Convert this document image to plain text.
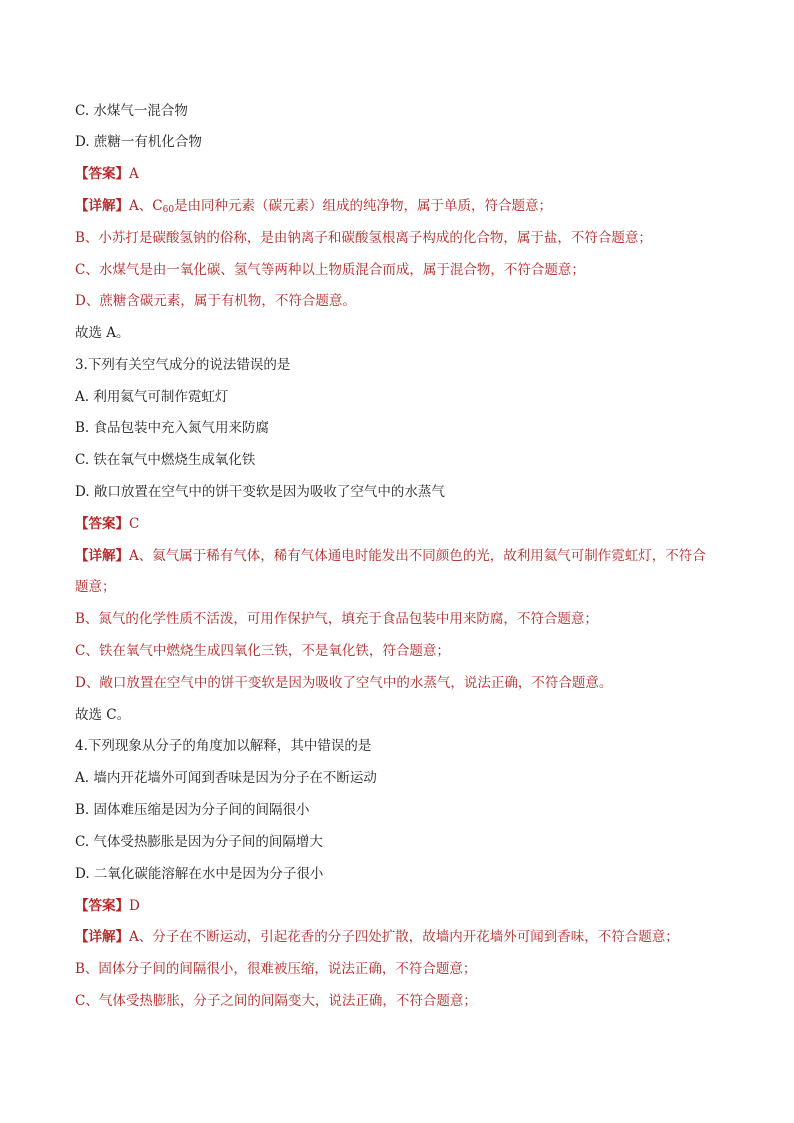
C. 水煤气一混合物
D. 蔗糖一有机化合物
【答案】A
【详解】A、$C_{60}$是由同种元素（碳元素）组成的纯净物，属于单质，符合题意；
B、小苏打是碳酸氢钠的俗称，是由钠离子和碳酸氢根离子构成的化合物，属于盐，不符合题意；
C、水煤气是由一氧化碳、氢气等两种以上物质混合而成，属于混合物，不符合题意；
D、蔗糖含碳元素，属于有机物，不符合题意。
故选 A。
3.下列有关空气成分的说法错误的是
A. 利用氦气可制作霓虹灯
B. 食品包装中充入氮气用来防腐
C. 铁在氧气中燃烧生成氧化铁
D. 敞口放置在空气中的饼干变软是因为吸收了空气中的水蒸气
【答案】C
【详解】A、氦气属于稀有气体，稀有气体通电时能发出不同颜色的光，故利用氦气可制作霓虹灯，不符合
题意；
B、氮气的化学性质不活泼，可用作保护气，填充于食品包装中用来防腐，不符合题意；
C、铁在氧气中燃烧生成四氧化三铁，不是氧化铁，符合题意；
D、敞口放置在空气中的饼干变软是因为吸收了空气中的水蒸气，说法正确，不符合题意。
故选 C。
4.下列现象从分子的角度加以解释，其中错误的是
A. 墙内开花墙外可闻到香味是因为分子在不断运动
B. 固体难压缩是因为分子间的间隔很小
C. 气体受热膨胀是因为分子间的间隔增大
D. 二氧化碳能溶解在水中是因为分子很小
【答案】D
【详解】A、分子在不断运动，引起花香的分子四处扩散，故墙内开花墙外可闻到香味，不符合题意；
B、固体分子间的间隔很小，很难被压缩，说法正确，不符合题意；
C、气体受热膨胀，分子之间的间隔变大，说法正确，不符合题意；
